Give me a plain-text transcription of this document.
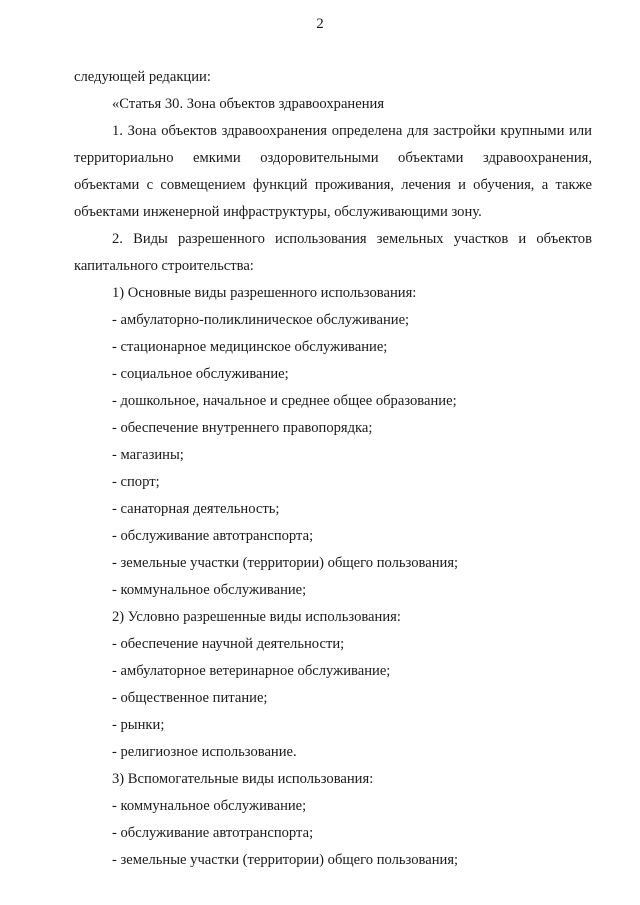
2

следующей редакции:

«Статья 30. Зона объектов здравоохранения

1. Зона объектов здравоохранения определена для застройки крупными или территориально емкими оздоровительными объектами здравоохранения, объектами с совмещением функций проживания, лечения и обучения, а также объектами инженерной инфраструктуры, обслуживающими зону.

2. Виды разрешенного использования земельных участков и объектов капитального строительства:

1) Основные виды разрешенного использования:

- амбулаторно-поликлиническое обслуживание;

- стационарное медицинское обслуживание;

- социальное обслуживание;

- дошкольное, начальное и среднее общее образование;

- обеспечение внутреннего правопорядка;

- магазины;

- спорт;

- санаторная деятельность;

- обслуживание автотранспорта;

- земельные участки (территории) общего пользования;

- коммунальное обслуживание;

2) Условно разрешенные виды использования:

- обеспечение научной деятельности;

- амбулаторное ветеринарное обслуживание;

- общественное питание;

- рынки;

- религиозное использование.

3) Вспомогательные виды использования:

- коммунальное обслуживание;

- обслуживание автотранспорта;

- земельные участки (территории) общего пользования;
